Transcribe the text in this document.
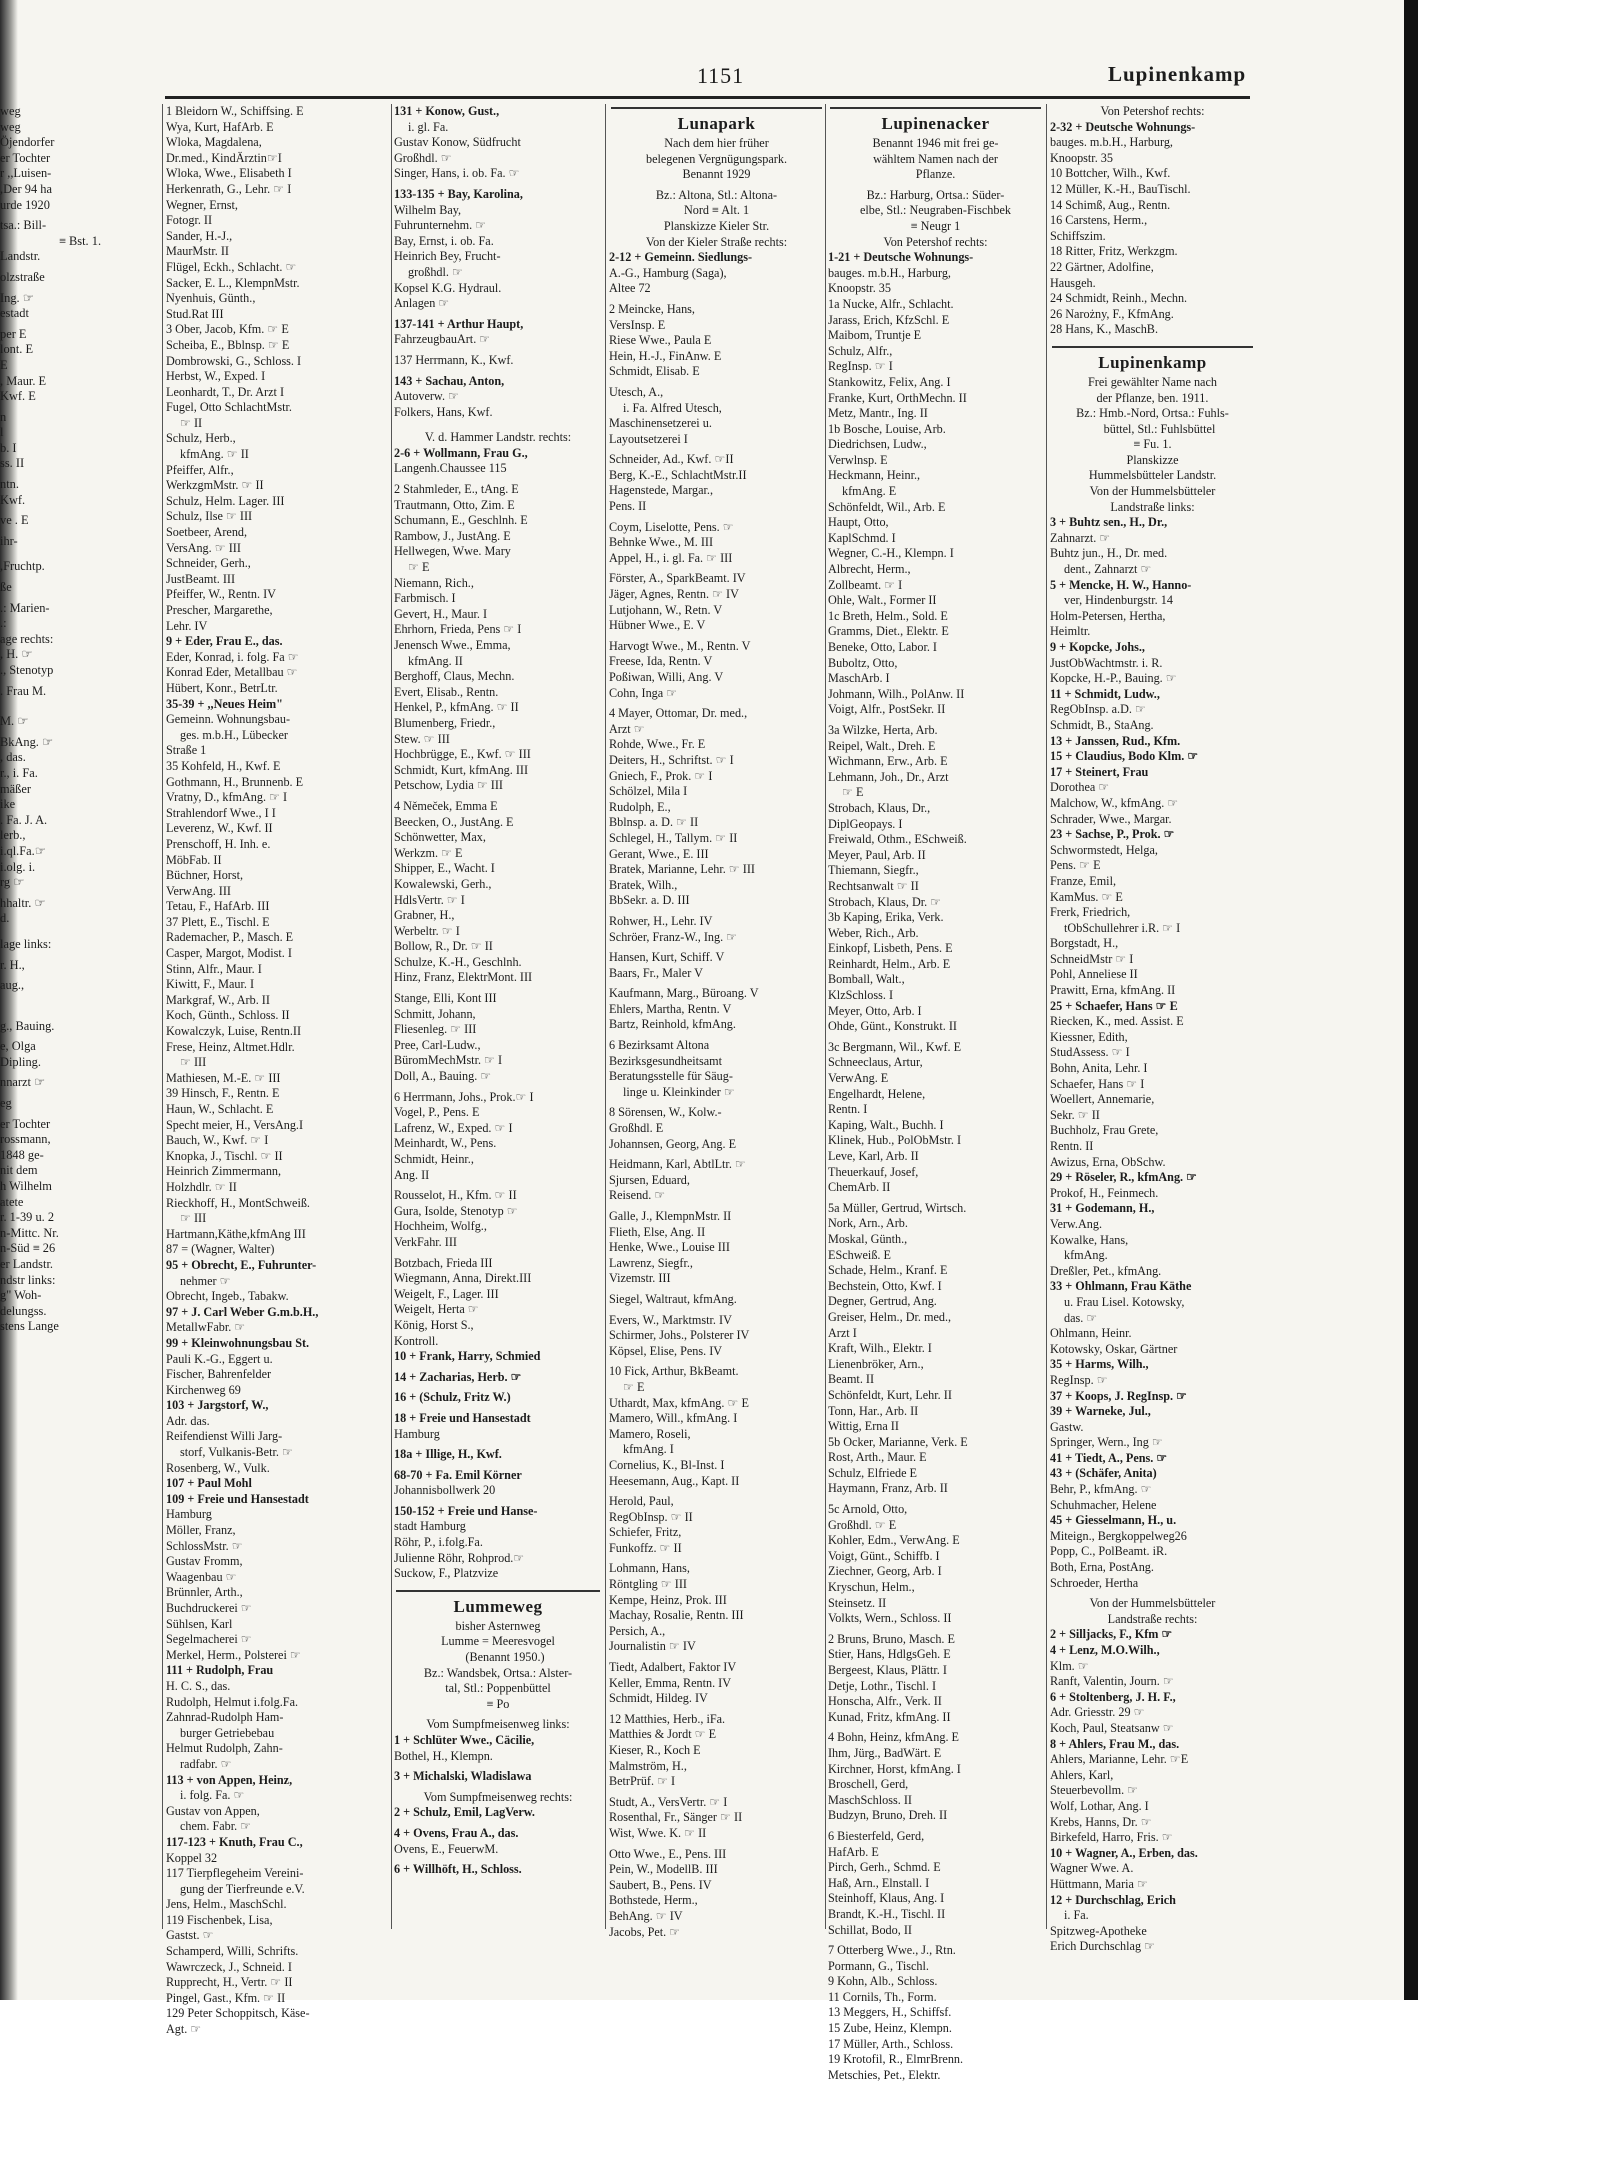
1151	Lupinenkamp
weg
weg
Öjendorfer
er Tochter
r ,,Luisen-
,Der 94 ha
urde 1920

tsa.: Bill-
≡ Bst. 1.
Landstr.

olzstraße

Ing. ☞
estadt

per E
lont. E
E
, Maur. E
Kwf. E

n
l
b. I
ss. II

ntn.
Kwf.

ve . E

ihr-

,Fruchtp.

ße

.: Marien-
.:
age rechts:
, H. ☞
., Stenotyp

. Frau M.

M. ☞

BkAng. ☞
, das.
r., i. Fa.
mäßer
ike
. Fa. J. A.
lerb.,
i.ql.Fa.☞
i.olg. i.
rg ☞

hhaltr. ☞
d.

lage links:

r. H.,

aug.,

g., Bauing.

e, Olga
Dipling.

nnarzt ☞

eg

er Tochter
rossmann,
1848 ge-
nit dem
h Wilhelm
atete
r. 1-39 u. 2
n-Mittc. Nr.
n-Süd ≡ 26
er Landstr.
ndstr links:
g" Woh-
delungss.
stens Lange
1 Bleidorn W., Schiffsing. E
Wya, Kurt, HafArb. E
Wloka, Magdalena,
Dr.med., KindÄrztin☞I
Wloka, Wwe., Elisabeth I
Herkenrath, G., Lehr. ☞ I
Wegner, Ernst,
Fotogr. II
Sander, H.-J.,
MaurMstr. II
Flügel, Eckh., Schlacht. ☞
Sacker, E. L., KlempnMstr.
Nyenhuis, Günth.,
Stud.Rat III
3 Ober, Jacob, Kfm. ☞ E
Scheiba, E., Bblnsp. ☞ E
Dombrowski, G., Schloss. I
Herbst, W., Exped. I
Leonhardt, T., Dr. Arzt I
Fugel, Otto SchlachtMstr.
☞ II
Schulz, Herb.,
kfmAng. ☞ II
Pfeiffer, Alfr.,
WerkzgmMstr. ☞ II
Schulz, Helm. Lager. III
Schulz, Ilse ☞ III
Soetbeer, Arend,
VersAng. ☞ III
Schneider, Gerh.,
JustBeamt. III
Pfeiffer, W., Rentn. IV
Prescher, Margarethe,
Lehr. IV
9 + Eder, Frau E., das.
Eder, Konrad, i. folg. Fa ☞
Konrad Eder, Metallbau ☞
Hübert, Konr., BetrLtr.
35-39 + ,,Neues Heim"
Gemeinn. Wohnungsbau-
ges. m.b.H., Lübecker
Straße 1
35 Kohfeld, H., Kwf. E
Gothmann, H., Brunnenb. E
Vratny, D., kfmAng. ☞ I
Strahlendorf Wwe., I I
Leverenz, W., Kwf. II
Prenschoff, H. Inh. e.
MöbFab. II
Büchner, Horst,
VerwAng. III
Tetau, F., HafArb. III
37 Plett, E., Tischl. E
Rademacher, P., Masch. E
Casper, Margot, Modist. I
Stinn, Alfr., Maur. I
Kiwitt, F., Maur. I
Markgraf, W., Arb. II
Koch, Günth., Schloss. II
Kowalczyk, Luise, Rentn.II
Frese, Heinz, Altmet.Hdlr.
☞ III
Mathiesen, M.-E. ☞ III
39 Hinsch, F., Rentn. E
Haun, W., Schlacht. E
Specht meier, H., VersAng.I
Bauch, W., Kwf. ☞ I
Knopka, J., Tischl. ☞ II
Heinrich Zimmermann,
Holzhdlr. ☞ II
Rieckhoff, H., MontSchweiß.
☞ III
Hartmann,Käthe,kfmAng III
87 = (Wagner, Walter)
95 + Obrecht, E., Fuhrunter-
nehmer ☞
Obrecht, Ingeb., Tabakw.
97 + J. Carl Weber G.m.b.H.,
MetallwFabr. ☞
99 + Kleinwohnungsbau St.
Pauli K.-G., Eggert u.
Fischer, Bahrenfelder
Kirchenweg 69
103 + Jargstorf, W.,
Adr. das.
Reifendienst Willi Jarg-
storf, Vulkanis-Betr. ☞
Rosenberg, W., Vulk.
107 + Paul Mohl
109 + Freie und Hansestadt
Hamburg
Möller, Franz,
SchlossMstr. ☞
Gustav Fromm,
Waagenbau ☞
Brünnler, Arth.,
Buchdruckerei ☞
Sühlsen, Karl
Segelmacherei ☞
Merkel, Herm., Polsterei ☞
111 + Rudolph, Frau
H. C. S., das.
Rudolph, Helmut i.folg.Fa.
Zahnrad-Rudolph Ham-
burger Getriebebau
Helmut Rudolph, Zahn-
radfabr. ☞
113 + von Appen, Heinz,
i. folg. Fa. ☞
Gustav von Appen,
chem. Fabr. ☞
117-123 + Knuth, Frau C.,
Koppel 32
117 Tierpflegeheim Vereini-
gung der Tierfreunde e.V.
Jens, Helm., MaschSchl.
119 Fischenbek, Lisa,
Gastst. ☞
Schamperd, Willi, Schrifts.
Wawrczeck, J., Schneid. I
Rupprecht, H., Vertr. ☞ II
Pingel, Gast., Kfm. ☞ II
129 Peter Schoppitsch, Käse-
Agt. ☞
131 + Konow, Gust.,
i. gl. Fa.
Gustav Konow, Südfrucht
Großhdl. ☞
Singer, Hans, i. ob. Fa. ☞

133-135 + Bay, Karolina,
Wilhelm Bay,
Fuhrunternehm. ☞
Bay, Ernst, i. ob. Fa.
Heinrich Bey, Frucht-
großhdl. ☞
Kopsel K.G. Hydraul.
Anlagen ☞

137-141 + Arthur Haupt,
FahrzeugbauArt. ☞

137 Herrmann, K., Kwf.

143 + Sachau, Anton,
Autoverw. ☞
Folkers, Hans, Kwf.

V. d. Hammer Landstr. rechts:
2-6 + Wollmann, Frau G.,
Langenh.Chaussee 115

2 Stahmleder, E., tAng. E
Trautmann, Otto, Zim. E
Schumann, E., Geschlnh. E
Rambow, J., JustAng. E
Hellwegen, Wwe. Mary
☞ E
Niemann, Rich.,
Farbmisch. I
Gevert, H., Maur. I
Ehrhorn, Frieda, Pens ☞ I
Jenensch Wwe., Emma,
kfmAng. II
Berghoff, Claus, Mechn.
Evert, Elisab., Rentn.
Henkel, P., kfmAng. ☞ II
Blumenberg, Friedr.,
Stew. ☞ III
Hochbrügge, E., Kwf. ☞ III
Schmidt, Kurt, kfmAng. III
Petschow, Lydia ☞ III

4 Němeček, Emma E
Beecken, O., JustAng. E
Schönwetter, Max,
Werkzm. ☞ E
Shipper, E., Wacht. I
Kowalewski, Gerh.,
HdlsVertr. ☞ I
Grabner, H.,
Werbeltr. ☞ I
Bollow, R., Dr. ☞ II
Schulze, K.-H., Geschlnh.
Hinz, Franz, ElektrMont. III

Stange, Elli, Kont III
Schmitt, Johann,
Fliesenleg. ☞ III
Pree, Carl-Ludw.,
BüromMechMstr. ☞ I
Doll, A., Bauing. ☞

6 Herrmann, Johs., Prok.☞ I
Vogel, P., Pens. E
Lafrenz, W., Exped. ☞ I
Meinhardt, W., Pens.
Schmidt, Heinr.,
Ang. II

Rousselot, H., Kfm. ☞ II
Gura, Isolde, Stenotyp ☞
Hochheim, Wolfg.,
VerkFahr. III

Botzbach, Frieda III
Wiegmann, Anna, Direkt.III
Weigelt, F., Lager. III
Weigelt, Herta ☞
König, Horst S.,
Kontroll.
10 + Frank, Harry, Schmied

14 + Zacharias, Herb. ☞

16 + (Schulz, Fritz W.)

18 + Freie und Hansestadt
Hamburg

18a + Illige, H., Kwf.

68-70 + Fa. Emil Körner
Johannisbollwerk 20

150-152 + Freie und Hanse-
stadt Hamburg
Röhr, P., i.folg.Fa.
Julienne Röhr, Rohprod.☞
Suckow, F., Platzvize

Lummeweg
bisher Asternweg
Lumme = Meeresvogel
(Benannt 1950.)
Bz.: Wandsbek, Ortsa.: Alster-
tal, Stl.: Poppenbüttel
≡ Po

Vom Sumpfmeisenweg links:
1 + Schlüter Wwe., Cäcilie,
Bothel, H., Klempn.

3 + Michalski, Wladislawa

Vom Sumpfmeisenweg rechts:
2 + Schulz, Emil, LagVerw.

4 + Ovens, Frau A., das.
Ovens, E., FeuerwM.

6 + Willhöft, H., Schloss.
Lunapark
Nach dem hier früher
belegenen Vergnügungspark.
Benannt 1929

Bz.: Altona, Stl.: Altona-
Nord ≡ Alt. 1
Planskizze Kieler Str.
Von der Kieler Straße rechts:
2-12 + Gemeinn. Siedlungs-
A.-G., Hamburg (Saga),
Altee 72

2 Meincke, Hans,
VersInsp. E
Riese Wwe., Paula E
Hein, H.-J., FinAnw. E
Schmidt, Elisab. E

Utesch, A.,
i. Fa. Alfred Utesch,
Maschinensetzerei u.
Layoutsetzerei I

Schneider, Ad., Kwf. ☞II
Berg, K.-E., SchlachtMstr.II
Hagenstede, Margar.,
Pens. II

Coym, Liselotte, Pens. ☞
Behnke Wwe., M. III
Appel, H., i. gl. Fa. ☞ III

Förster, A., SparkBeamt. IV
Jäger, Agnes, Rentn. ☞ IV
Lutjohann, W., Retn. V
Hübner Wwe., E. V

Harvogt Wwe., M., Rentn. V
Freese, Ida, Rentn. V
Poßiwan, Willi, Ang. V
Cohn, Inga ☞

4 Mayer, Ottomar, Dr. med.,
Arzt ☞
Rohde, Wwe., Fr. E
Deiters, H., Schriftst. ☞ I
Gniech, F., Prok. ☞ I
Schölzel, Mila I
Rudolph, E.,
Bblnsp. a. D. ☞ II
Schlegel, H., Tallym. ☞ II
Gerant, Wwe., E. III
Bratek, Marianne, Lehr. ☞ III
Bratek, Wilh.,
BbSekr. a. D. III

Rohwer, H., Lehr. IV
Schröer, Franz-W., Ing. ☞

Hansen, Kurt, Schiff. V
Baars, Fr., Maler V

Kaufmann, Marg., Büroang. V
Ehlers, Martha, Rentn. V
Bartz, Reinhold, kfmAng.

6 Bezirksamt Altona
Bezirksgesundheitsamt
Beratungsstelle für Säug-
linge u. Kleinkinder ☞

8 Sörensen, W., Kolw.-
Großhdl. E
Johannsen, Georg, Ang. E

Heidmann, Karl, AbtlLtr. ☞
Sjursen, Eduard,
Reisend. ☞

Galle, J., KlempnMstr. II
Flieth, Else, Ang. II
Henke, Wwe., Louise III
Lawrenz, Siegfr.,
Vizemstr. III

Siegel, Waltraut, kfmAng.

Evers, W., Marktmstr. IV
Schirmer, Johs., Polsterer IV
Köpsel, Elise, Pens. IV

10 Fick, Arthur, BkBeamt.
☞ E
Uthardt, Max, kfmAng. ☞ E
Mamero, Will., kfmAng. I
Mamero, Roseli,
kfmAng. I
Cornelius, K., Bl-Inst. I
Heesemann, Aug., Kapt. II

Herold, Paul,
RegObInsp. ☞ II
Schiefer, Fritz,
Funkoffz. ☞ II

Lohmann, Hans,
Röntgling ☞ III
Kempe, Heinz, Prok. III
Machay, Rosalie, Rentn. III
Persich, A.,
Journalistin ☞ IV

Tiedt, Adalbert, Faktor IV
Keller, Emma, Rentn. IV
Schmidt, Hildeg. IV

12 Matthies, Herb., iFa.
Matthies & Jordt ☞ E
Kieser, R., Koch E
Malmström, H.,
BetrPrüf. ☞ I

Studt, A., VersVertr. ☞ I
Rosenthal, Fr., Sänger ☞ II
Wist, Wwe. K. ☞ II

Otto Wwe., E., Pens. III
Pein, W., ModellB. III
Saubert, B., Pens. IV
Bothstede, Herm.,
BehAng. ☞ IV
Jacobs, Pet. ☞
Lupinenacker
Benannt 1946 mit frei ge-
wähltem Namen nach der
Pflanze.

Bz.: Harburg, Ortsa.: Süder-
elbe, Stl.: Neugraben-Fischbek
≡ Neugr 1
Von Petershof rechts:
1-21 + Deutsche Wohnungs-
bauges. m.b.H., Harburg,
Knoopstr. 35
1a Nucke, Alfr., Schlacht.
Jarass, Erich, KfzSchl. E
Maibom, Truntje E
Schulz, Alfr.,
RegInsp. ☞ I
Stankowitz, Felix, Ang. I
Franke, Kurt, OrthMechn. II
Metz, Mantr., Ing. II
1b Bosche, Louise, Arb.
Diedrichsen, Ludw.,
Verwlnsp. E
Heckmann, Heinr.,
kfmAng. E
Schönfeldt, Wil., Arb. E
Haupt, Otto,
KaplSchmd. I
Wegner, C.-H., Klempn. I
Albrecht, Herm.,
Zollbeamt. ☞ I
Ohle, Walt., Former II
1c Breth, Helm., Sold. E
Gramms, Diet., Elektr. E
Beneke, Otto, Labor. I
Buboltz, Otto,
MaschArb. I
Johmann, Wilh., PolAnw. II
Voigt, Alfr., PostSekr. II

3a Wilzke, Herta, Arb.
Reipel, Walt., Dreh. E
Wichmann, Erw., Arb. E
Lehmann, Joh., Dr., Arzt
☞ E
Strobach, Klaus, Dr.,
DiplGeopays. I
Freiwald, Othm., ESchweiß.
Meyer, Paul, Arb. II
Thiemann, Siegfr.,
Rechtsanwalt ☞ II
Strobach, Klaus, Dr. ☞
3b Kaping, Erika, Verk.
Weber, Rich., Arb.
Einkopf, Lisbeth, Pens. E
Reinhardt, Helm., Arb. E
Bomball, Walt.,
KlzSchloss. I
Meyer, Otto, Arb. I
Ohde, Günt., Konstrukt. II

3c Bergmann, Wil., Kwf. E
Schneeclaus, Artur,
VerwAng. E
Engelhardt, Helene,
Rentn. I
Kaping, Walt., Buchh. I
Klinek, Hub., PolObMstr. I
Leve, Karl, Arb. II
Theuerkauf, Josef,
ChemArb. II

5a Müller, Gertrud, Wirtsch.
Nork, Arn., Arb.
Moskal, Günth.,
ESchweiß. E
Schade, Helm., Kranf. E
Bechstein, Otto, Kwf. I
Degner, Gertrud, Ang.
Greiser, Helm., Dr. med.,
Arzt I
Kraft, Wilh., Elektr. I
Lienenbröker, Arn.,
Beamt. II
Schönfeldt, Kurt, Lehr. II
Tonn, Har., Arb. II
Wittig, Erna II
5b Ocker, Marianne, Verk. E
Rost, Arth., Maur. E
Schulz, Elfriede E
Haymann, Franz, Arb. II

5c Arnold, Otto,
Großhdl. ☞ E
Kohler, Edm., VerwAng. E
Voigt, Günt., Schiffb. I
Ziechner, Georg, Arb. I
Kryschun, Helm.,
Steinsetz. II
Volkts, Wern., Schloss. II

2 Bruns, Bruno, Masch. E
Stier, Hans, HdlgsGeh. E
Bergeest, Klaus, Plättr. I
Detje, Lothr., Tischl. I
Honscha, Alfr., Verk. II
Kunad, Fritz, kfmAng. II

4 Bohn, Heinz, kfmAng. E
Ihm, Jürg., BadWärt. E
Kirchner, Horst, kfmAng. I
Broschell, Gerd,
MaschSchloss. II
Budzyn, Bruno, Dreh. II

6 Biesterfeld, Gerd,
HafArb. E
Pirch, Gerh., Schmd. E
Haß, Arn., Elnstall. I
Steinhoff, Klaus, Ang. I
Brandt, K.-H., Tischl. II
Schillat, Bodo, II

7 Otterberg Wwe., J., Rtn.
Pormann, G., Tischl.
9 Kohn, Alb., Schloss.
11 Cornils, Th., Form.
13 Meggers, H., Schiffsf.
15 Zube, Heinz, Klempn.
17 Müller, Arth., Schloss.
19 Krotofil, R., ElmrBrenn.
Metschies, Pet., Elektr.
Von Petershof rechts:
2-32 + Deutsche Wohnungs-
bauges. m.b.H., Harburg,
Knoopstr. 35
10 Bottcher, Wilh., Kwf.
12 Müller, K.-H., BauTischl.
14 Schimß, Aug., Rentn.
16 Carstens, Herm.,
Schiffszim.
18 Ritter, Fritz, Werkzgm.
22 Gärtner, Adolfine,
Hausgeh.
24 Schmidt, Reinh., Mechn.
26 Narożny, F., KfmAng.
28 Hans, K., MaschB.

Lupinenkamp
Frei gewählter Name nach
der Pflanze, ben. 1911.
Bz.: Hmb.-Nord, Ortsa.: Fuhls-
büttel, Stl.: Fuhlsbüttel
≡ Fu. 1.
Planskizze
Hummelsbütteler Landstr.
Von der Hummelsbütteler
Landstraße links:
3 + Buhtz sen., H., Dr.,
Zahnarzt. ☞
Buhtz jun., H., Dr. med.
dent., Zahnarzt ☞
5 + Mencke, H. W., Hanno-
ver, Hindenburgstr. 14
Holm-Petersen, Hertha,
Heimltr.
9 + Kopcke, Johs.,
JustObWachtmstr. i. R.
Kopcke, H.-P., Bauing. ☞
11 + Schmidt, Ludw.,
RegObInsp. a.D. ☞
Schmidt, B., StaAng.
13 + Janssen, Rud., Kfm.
15 + Claudius, Bodo Klm. ☞
17 + Steinert, Frau
Dorothea ☞
Malchow, W., kfmAng. ☞
Schrader, Wwe., Margar.
23 + Sachse, P., Prok. ☞
Schwormstedt, Helga,
Pens. ☞ E
Franze, Emil,
KamMus. ☞ E
Frerk, Friedrich,
tObSchullehrer i.R. ☞ I
Borgstadt, H.,
SchneidMstr ☞ I
Pohl, Anneliese II
Prawitt, Erna, kfmAng. II
25 + Schaefer, Hans ☞ E
Riecken, K., med. Assist. E
Kiessner, Edith,
StudAssess. ☞ I
Bohn, Anita, Lehr. I
Schaefer, Hans ☞ I
Woellert, Annemarie,
Sekr. ☞ II
Buchholz, Frau Grete,
Rentn. II
Awizus, Erna, ObSchw.
29 + Röseler, R., kfmAng. ☞
Prokof, H., Feinmech.
31 + Godemann, H.,
Verw.Ang.
Kowalke, Hans,
kfmAng.
Dreßler, Pet., kfmAng.
33 + Ohlmann, Frau Käthe
u. Frau Lisel. Kotowsky,
das. ☞
Ohlmann, Heinr.
Kotowsky, Oskar, Gärtner
35 + Harms, Wilh.,
RegInsp. ☞
37 + Koops, J. RegInsp. ☞
39 + Warneke, Jul.,
Gastw.
Springer, Wern., Ing ☞
41 + Tiedt, A., Pens. ☞
43 + (Schäfer, Anita)
Behr, P., kfmAng. ☞
Schuhmacher, Helene
45 + Giesselmann, H., u.
Miteign., Bergkoppelweg26
Popp, C., PolBeamt. iR.
Both, Erna, PostAng.
Schroeder, Hertha

Von der Hummelsbütteler
Landstraße rechts:
2 + Silljacks, F., Kfm ☞
4 + Lenz, M.O.Wilh.,
Klm. ☞
Ranft, Valentin, Journ. ☞
6 + Stoltenberg, J. H. F.,
Adr. Griesstr. 29 ☞
Koch, Paul, Steatsanw ☞
8 + Ahlers, Frau M., das.
Ahlers, Marianne, Lehr. ☞E
Ahlers, Karl,
Steuerbevollm. ☞
Wolf, Lothar, Ang. I
Krebs, Hanns, Dr. ☞
Birkefeld, Harro, Fris. ☞
10 + Wagner, A., Erben, das.
Wagner Wwe. A.
Hüttmann, Maria ☞
12 + Durchschlag, Erich
i. Fa.
Spitzweg-Apotheke
Erich Durchschlag ☞
